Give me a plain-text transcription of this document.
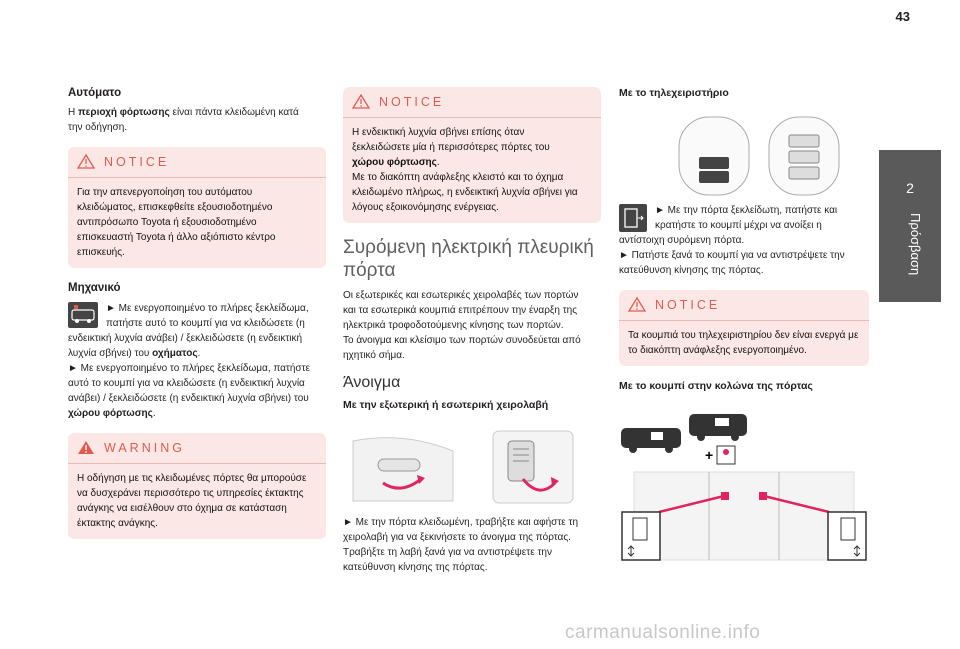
43
2
Πρόσβαση
Αυτόματο

Η περιοχή φόρτωσης είναι πάντα κλειδωμένη κατά

την οδήγηση.

NOTICE

Για την απενεργοποίηση του αυτόματου

κλειδώματος, επισκεφθείτε εξουσιοδοτημένο

αντιπρόσωπο Toyota ή εξουσιοδοτημένο

επισκευαστή Toyota ή άλλο αξιόπιστο κέντρο

επισκευής.

Μηχανικό

► Με ενεργοποιημένο το πλήρες ξεκλείδωμα,

πατήστε αυτό το κουμπί για να κλειδώσετε (η

ενδεικτική λυχνία ανάβει) / ξεκλειδώσετε (η ενδεικτική

λυχνία σβήνει) του οχήματος.

► Με ενεργοποιημένο το πλήρες ξεκλείδωμα, πατήστε

αυτό το κουμπί για να κλειδώσετε (η ενδεικτική λυχνία

ανάβει) / ξεκλειδώσετε (η ενδεικτική λυχνία σβήνει) του

χώρου φόρτωσης.

WARNING

Η οδήγηση με τις κλειδωμένες πόρτες θα μπορούσε

να δυσχεράνει περισσότερο τις υπηρεσίες έκτακτης

ανάγκης να εισέλθουν στο όχημα σε κατάσταση

έκτακτης ανάγκης.

NOTICE

Η ενδεικτική λυχνία σβήνει επίσης όταν

ξεκλειδώσετε μία ή περισσότερες πόρτες του

χώρου φόρτωσης.

Με το διακόπτη ανάφλεξης κλειστό και το όχημα

κλειδωμένο πλήρως, η ενδεικτική λυχνία σβήνει για

λόγους εξοικονόμησης ενέργειας.

Συρόμενη ηλεκτρική πλευρική
πόρτα

Οι εξωτερικές και εσωτερικές χειρολαβές των πορτών

και τα εσωτερικά κουμπιά επιτρέπουν την έναρξη της

ηλεκτρικά τροφοδοτούμενης κίνησης των πορτών.

Το άνοιγμα και κλείσιμο των πορτών συνοδεύεται από

ηχητικό σήμα.

Άνοιγμα
Με την εξωτερική ή εσωτερική χειρολαβή

► Με την πόρτα κλειδωμένη, τραβήξτε και αφήστε τη

χειρολαβή για να ξεκινήσετε το άνοιγμα της πόρτας.

Τραβήξτε τη λαβή ξανά για να αντιστρέψετε την

κατεύθυνση κίνησης της πόρτας.

Με το τηλεχειριστήριο

► Με την πόρτα ξεκλείδωτη, πατήστε και

κρατήστε το κουμπί μέχρι να ανοίξει η

αντίστοιχη συρόμενη πόρτα.

► Πατήστε ξανά το κουμπί για να αντιστρέψετε την

κατεύθυνση κίνησης της πόρτας.

NOTICE

Τα κουμπιά του τηλεχειριστηρίου δεν είναι ενεργά με

το διακόπτη ανάφλεξης ενεργοποιημένο.

Με το κουμπί στην κολώνα της πόρτας
+
carmanualsonline.info
